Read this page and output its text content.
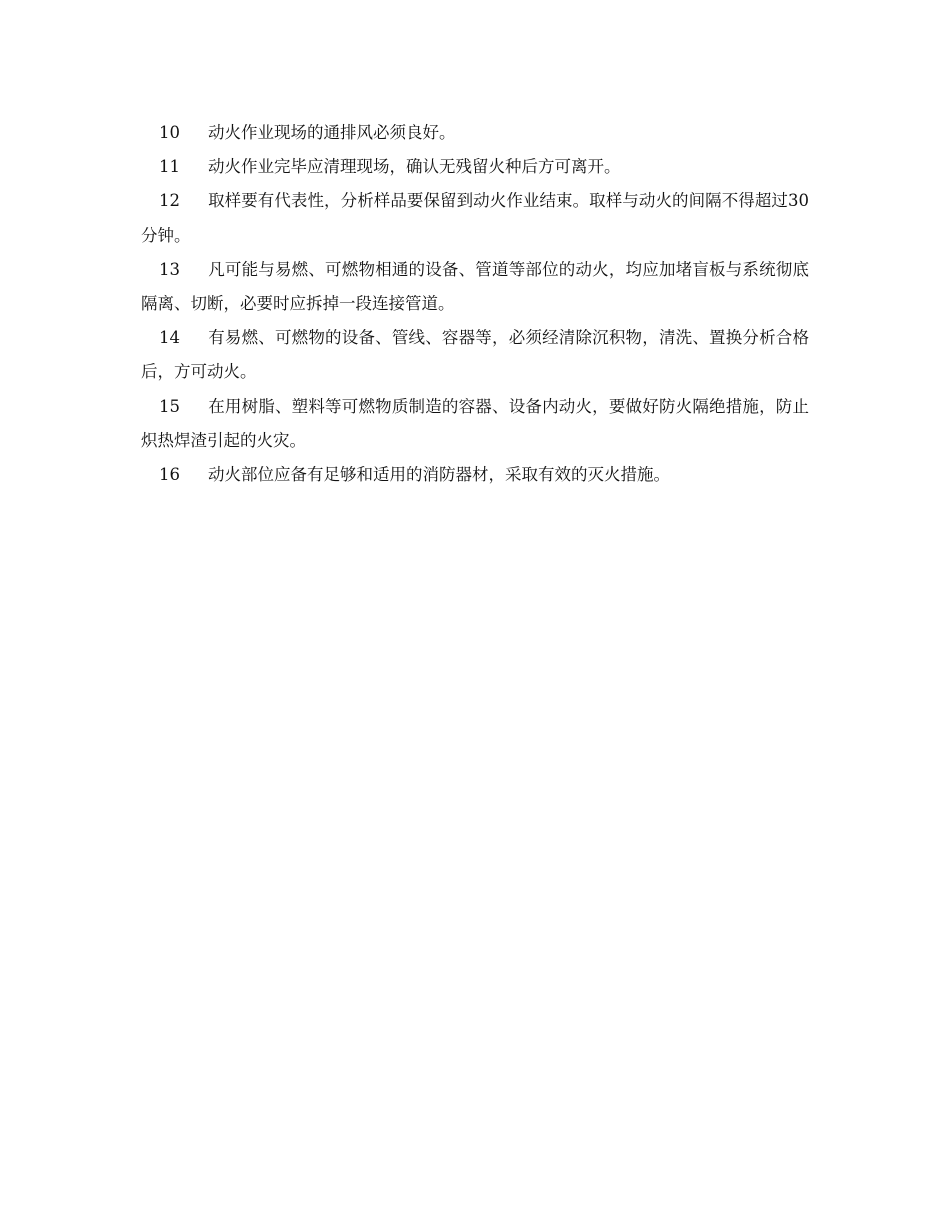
10 动火作业现场的通排风必须良好。

11 动火作业完毕应清理现场，确认无残留火种后方可离开。

12 取样要有代表性，分析样品要保留到动火作业结束。取样与动火的间隔不得超过30分钟。

13 凡可能与易燃、可燃物相通的设备、管道等部位的动火，均应加堵盲板与系统彻底隔离、切断，必要时应拆掉一段连接管道。

14 有易燃、可燃物的设备、管线、容器等，必须经清除沉积物，清洗、置换分析合格后，方可动火。

15 在用树脂、塑料等可燃物质制造的容器、设备内动火，要做好防火隔绝措施，防止炽热焊渣引起的火灾。

16 动火部位应备有足够和适用的消防器材，采取有效的灭火措施。
